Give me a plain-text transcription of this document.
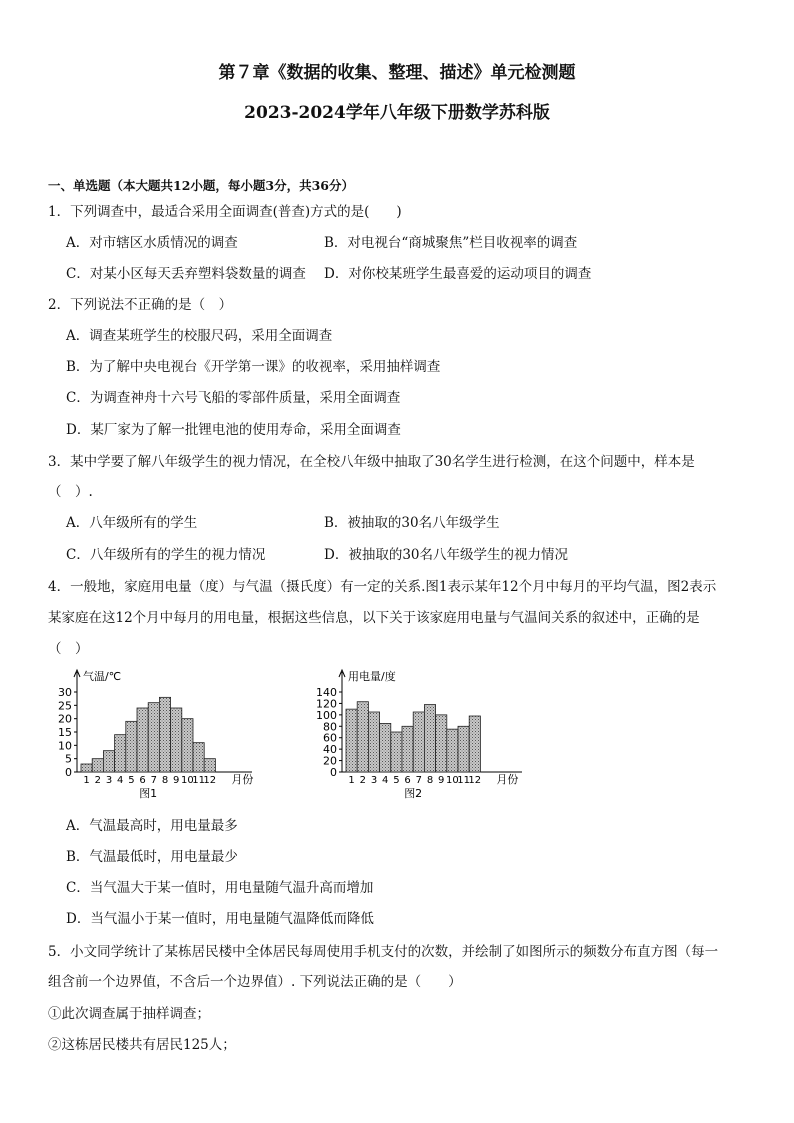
第７章《数据的收集、整理、描述》单元检测题
2023-2024学年八年级下册数学苏科版
一、单选题（本大题共12小题，每小题3分，共36分）
1．下列调查中，最适合采用全面调查(普查)方式的是(　　)
A．对市辖区水质情况的调查	B．对电视台“商城聚焦”栏目收视率的调查
C．对某小区每天丢弃塑料袋数量的调查 D．对你校某班学生最喜爱的运动项目的调查
2．下列说法不正确的是（　）
A．调查某班学生的校服尺码，采用全面调查
B．为了解中央电视台《开学第一课》的收视率，采用抽样调查
C．为调查神舟十六号飞船的零部件质量，采用全面调查
D．某厂家为了解一批锂电池的使用寿命，采用全面调查
3．某中学要了解八年级学生的视力情况，在全校八年级中抽取了30名学生进行检测，在这个问题中，样本是
（　）.
A．八年级所有的学生	B．被抽取的30名八年级学生
C．八年级所有的学生的视力情况	D．被抽取的30名八年级学生的视力情况
4．一般地，家庭用电量（度）与气温（摄氏度）有一定的关系.图1表示某年12个月中每月的平均气温，图2表示
某家庭在这12个月中每月的用电量，根据这些信息，以下关于该家庭用电量与气温间关系的叙述中，正确的是
（　）
气温/℃
0
5
10
15
20
25
30
1 2 3 4 5 6 7 8 9 10
11
12 月份
图1
用电量/度
0
20
40
60
80
100
120
140
1 2 3 4 5 6 7 8 9 10
11
12 月份
图2
A．气温最高时，用电量最多
B．气温最低时，用电量最少
C．当气温大于某一值时，用电量随气温升高而增加
D．当气温小于某一值时，用电量随气温降低而降低
5．小文同学统计了某栋居民楼中全体居民每周使用手机支付的次数，并绘制了如图所示的频数分布直方图（每一
组含前一个边界值，不含后一个边界值）. 下列说法正确的是（　　）
①此次调查属于抽样调查；
②这栋居民楼共有居民125人；
